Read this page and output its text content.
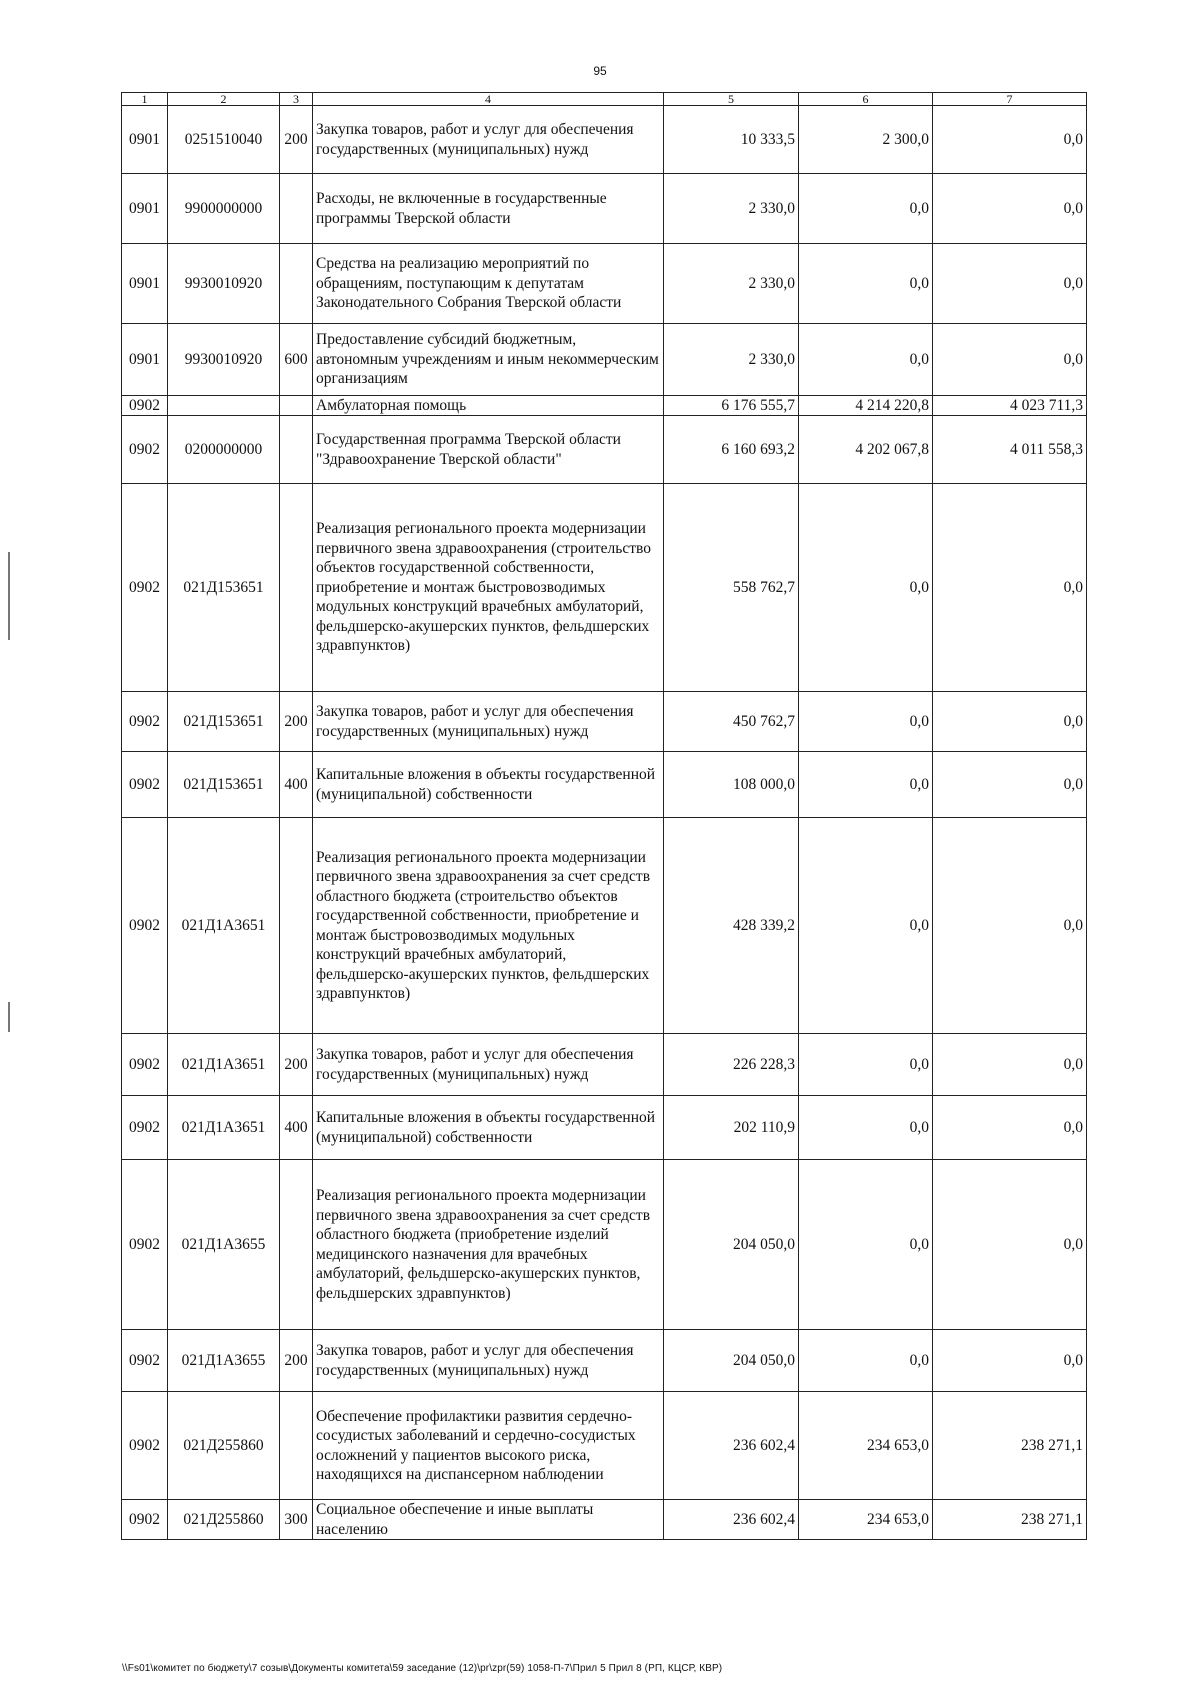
95
1	2	3	4	5	6	7
0901	0251510040	200	Закупка товаров, работ и услуг для обеспечения государственных (муниципальных) нужд	10 333,5	2 300,0	0,0
0901	9900000000		Расходы, не включенные в государственные программы Тверской области	2 330,0	0,0	0,0
0901	9930010920		Средства на реализацию мероприятий по обращениям, поступающим к депутатам Законодательного Собрания Тверской области	2 330,0	0,0	0,0
0901	9930010920	600	Предоставление субсидий бюджетным, автономным учреждениям и иным некоммерческим организациям	2 330,0	0,0	0,0
0902			Амбулаторная помощь	6 176 555,7	4 214 220,8	4 023 711,3
0902	0200000000		Государственная программа Тверской области "Здравоохранение Тверской области"	6 160 693,2	4 202 067,8	4 011 558,3
0902	021Д153651		Реализация регионального проекта модернизации первичного звена здравоохранения (строительство объектов государственной собственности, приобретение и монтаж быстровозводимых модульных конструкций врачебных амбулаторий, фельдшерско-акушерских пунктов, фельдшерских здравпунктов)	558 762,7	0,0	0,0
0902	021Д153651	200	Закупка товаров, работ и услуг для обеспечения государственных (муниципальных) нужд	450 762,7	0,0	0,0
0902	021Д153651	400	Капитальные вложения в объекты государственной (муниципальной) собственности	108 000,0	0,0	0,0
0902	021Д1А3651		Реализация регионального проекта модернизации первичного звена здравоохранения за счет средств областного бюджета (строительство объектов государственной собственности, приобретение и монтаж быстровозводимых модульных конструкций врачебных амбулаторий, фельдшерско-акушерских пунктов, фельдшерских здравпунктов)	428 339,2	0,0	0,0
0902	021Д1А3651	200	Закупка товаров, работ и услуг для обеспечения государственных (муниципальных) нужд	226 228,3	0,0	0,0
0902	021Д1А3651	400	Капитальные вложения в объекты государственной (муниципальной) собственности	202 110,9	0,0	0,0
0902	021Д1А3655		Реализация регионального проекта модернизации первичного звена здравоохранения за счет средств областного бюджета (приобретение изделий медицинского назначения для врачебных амбулаторий, фельдшерско-акушерских пунктов, фельдшерских здравпунктов)	204 050,0	0,0	0,0
0902	021Д1А3655	200	Закупка товаров, работ и услуг для обеспечения государственных (муниципальных) нужд	204 050,0	0,0	0,0
0902	021Д255860		Обеспечение профилактики развития сердечно-сосудистых заболеваний и сердечно-сосудистых осложнений у пациентов высокого риска, находящихся на диспансерном наблюдении	236 602,4	234 653,0	238 271,1
0902	021Д255860	300	Социальное обеспечение и иные выплаты населению	236 602,4	234 653,0	238 271,1
\\Fs01\комитет по бюджету\7 созыв\Документы комитета\59 заседание (12)\pr\zpr(59) 1058-П-7\Прил 5 Прил 8 (РП, КЦСР, КВР)
